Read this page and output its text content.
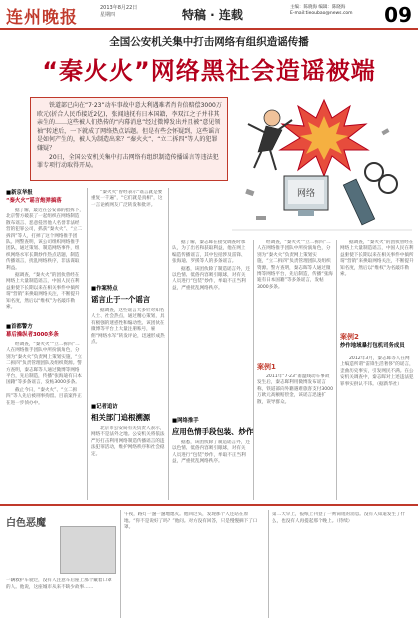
连州晚报	2013年8月22日
星期四	特稿 · 连载
主编：陈晓海 编辑：陈晓海
E-mail:tieoubao@news.com 09
全国公安机关集中打击网络有组织造谣传播
“秦火火”网络黑社会造谣被端

铁道部已向在“7·23”动车事故中意大利遇难者肖肯倍赔偿3000万欧元(折合人民币接近2亿)，张闻迪抚有日本国籍，李双江之子并非其亲生的……这些被人们热传的“内幕消息”经过微博发出并且被“意见领袖”转述后，一下就成了网络热点话题。但是有些会怀疑到，这些谣言是如何产生的，被人为制造出来？“秦火火”、“立二拆四”等人的犯罪嫌疑？

20日，全国公安机关集中打击网络有组织制造传播谣言等违法犯罪专项行动取得开局。

网络
■新京华报
“秦火火”谣言炮弹搞落

据了解，最近在公安部的指挥下，北京警方破获了一起组织在网络制造散布谣言、恶意侵害他人名誉非法经营的犯罪公司，抓获“秦火火”、“立二拆四”等人，打掉了这个网络推手团队。网警查明，该公司组织网络推手团队，通过策划、制造网络事件，组织网络水军长期炒作热点话题，制造传播谣言，扰乱网络秩序，非法谋取利益。

据调查，“秦火火”的团伙曾经在网络上大量制造谣言，中国人民在利益驱使下长期以来在相关事件中搞所谓“营销”来换取网络关注，不断提升知名度，然后以“维权”为名敲诈勒索。

■首都警方
幕后操纵者3000多条

经调查，“秦火火”“立二拆四”二人在网络推手团队中所扮演角色，分别为“秦火火”负责网上策划实施，“立二拆四”负责管理团队及组织资源。警方查明，秦志晖等人通过微博等网络平台，先后制造，传播“张海迪有日本国籍”等多条谣言，发帖3000多条。

截止今日，“秦火火”、“立二拆四”等人先后被刑事拘留。目前案件正在进一步侦办中。

“秦火火”曾经表示“谣言就是要重复一千遍”，“它们就是真相”，这一言论被网友广泛转发和批评。

■作案特点
谣言止于一个谣言

据调查，这些谣言大多针对知名人士、社会热点，通过精心策划，具有极强的迷惑性和煽动性。该团伙在微博等平台上大量注册账号，雇佣“网络水军”转发评论，迅速形成热点。

■记者追访
相关部门追根溯源

北京市公安局有关负责人表示，网络不是法外之地。公安机关将依法严厉打击利用网络制造传播谣言的违法犯罪活动，维护网络秩序和社会稳定。

据了解，秦志晖在接受调查时承认，为了出名和获取利益，他在网上编造传播谣言，其中包括涉及雷锋、张海迪、罗援等人的多条谣言。

据悉，该团伙除了制造谣言外，还以色情、低俗内容吸引眼球，对有关人员进行“包装”炒作，牟取不正当利益，严重扰乱网络秩序。

■网络推手
应用色情手段包装、炒作

据悉，该团伙除了制造谣言外，还以色情、低俗内容吸引眼球，对有关人员进行“包装”炒作，牟取不正当利益，严重扰乱网络秩序。

经调查，“秦火火”“立二拆四”二人在网络推手团队中所扮演角色，分别为“秦火火”负责网上策划实施，“立二拆四”负责管理团队及组织资源。警方查明，秦志晖等人通过微博等网络平台，先后制造，传播“张海迪有日本国籍”等多条谣言，发帖3000多条。

案例1

2011年“7·23”甬温线动车事故发生后，秦志晖利用微博发布谣言称，铁道部向外籍遇难旅客支付3000万欧元高额赔偿金，该谣言迅速扩散，误导群众。

据调查，“秦火火”的团伙曾经在网络上大量制造谣言，中国人民在利益驱使下长期以来在相关事件中搞所谓“营销”来换取网络关注，不断提升知名度，然后以“维权”为名敲诈勒索。

案例2
炒作地域暴打包机司务成员

2012年3月，秦志晖等人在网上编造所谓“雷锋生活奢侈”的谣言，歪曲历史事实，引发网民不满。在公安机关调查中，秦志晖对上述违法犯罪事实供认不讳。（据新华社）

白色恶魔
一辆救护车驶过，没有人注意车后座上那个戴着口罩的人。他说，这座城市从来不缺少故事……
午夜，路灯一盏一盏地熄灭。他回过头，发现那个人还站在原地。“你不是说好了吗？”他问。对方没有回答，只是慢慢摘下了口罩。
第二天早上，报纸上刊登了一则简短的消息。没有人知道发生了什么，也没有人再提起那个晚上。（待续）
